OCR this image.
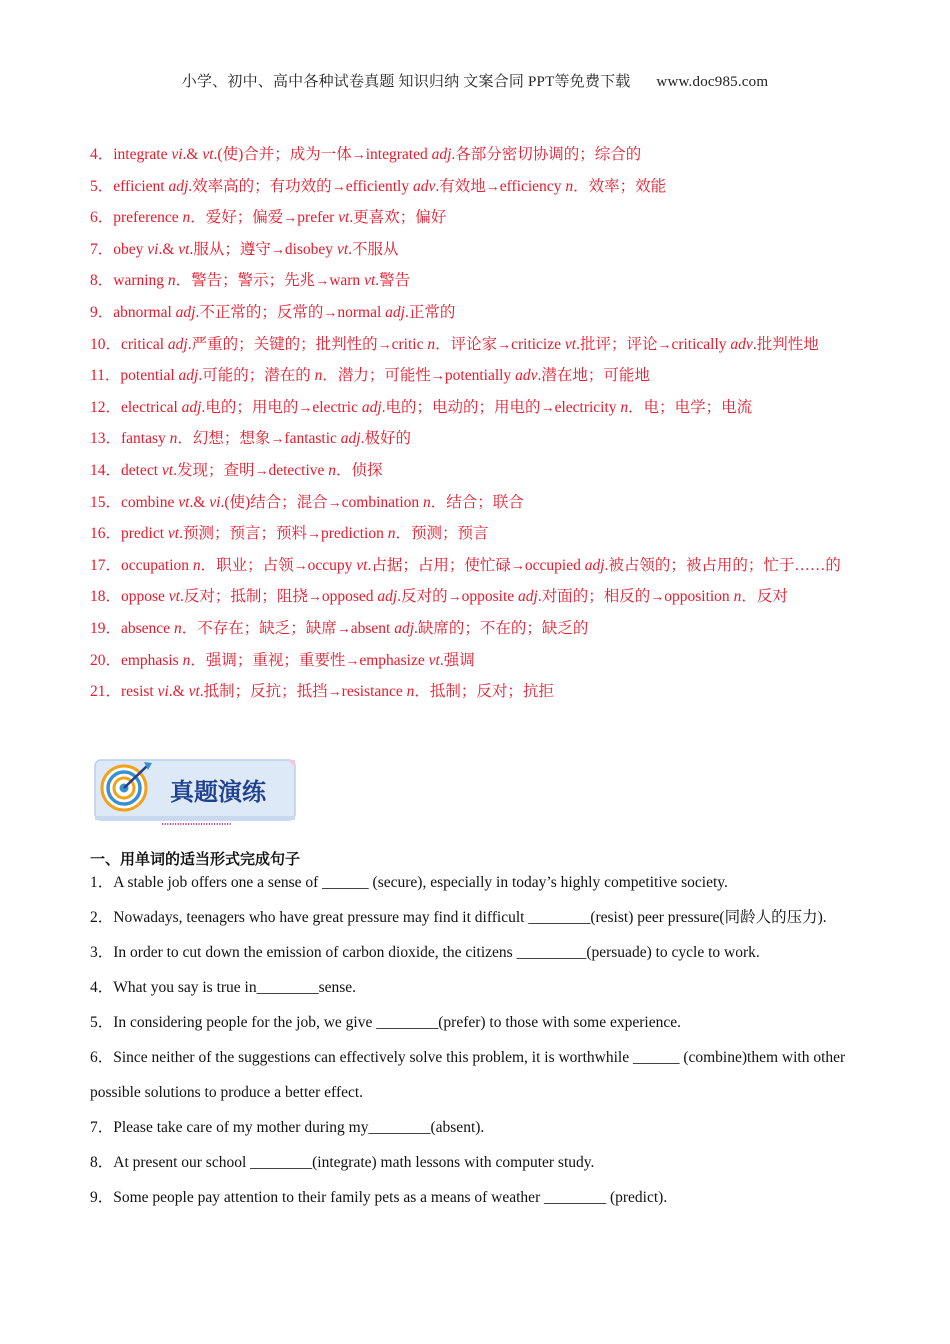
小学、初中、高中各种试卷真题 知识归纳 文案合同 PPT等免费下载 www.doc985.com
4．integrate vi.& vt.(使)合并；成为一体→integrated adj.各部分密切协调的；综合的
5．efficient adj.效率高的；有功效的→efficiently adv.有效地→efficiency n．效率；效能
6．preference n．爱好；偏爱→prefer vt.更喜欢；偏好
7．obey vi.& vt.服从；遵守→disobey vt.不服从
8．warning n．警告；警示；先兆→warn vt.警告
9．abnormal adj.不正常的；反常的→normal adj.正常的
10．critical adj.严重的；关键的；批判性的→critic n．评论家→criticize vt.批评；评论→critically adv.批判性地
11．potential adj.可能的；潜在的 n．潜力；可能性→potentially adv.潜在地；可能地
12．electrical adj.电的；用电的→electric adj.电的；电动的；用电的→electricity n．电；电学；电流
13．fantasy n．幻想；想象→fantastic adj.极好的
14．detect vt.发现；查明→detective n．侦探
15．combine vt.& vi.(使)结合；混合→combination n．结合；联合
16．predict vt.预测；预言；预料→prediction n．预测；预言
17．occupation n．职业；占领→occupy vt.占据；占用；使忙碌→occupied adj.被占领的；被占用的；忙于……的
18．oppose vt.反对；抵制；阻挠→opposed adj.反对的→opposite adj.对面的；相反的→opposition n．反对
19．absence n．不存在；缺乏；缺席→absent adj.缺席的；不在的；缺乏的
20．emphasis n．强调；重视；重要性→emphasize vt.强调
21．resist vi.& vt.抵制；反抗；抵挡→resistance n．抵制；反对；抗拒
真题演练
一、用单词的适当形式完成句子
1．A stable job offers one a sense of ______ (secure), especially in today’s highly competitive society.
2．Nowadays, teenagers who have great pressure may find it difficult ________(resist) peer pressure(同龄人的压力).
3．In order to cut down the emission of carbon dioxide, the citizens _________(persuade) to cycle to work.
4．What you say is true in________sense.
5．In considering people for the job, we give ________(prefer) to those with some experience.
6．Since neither of the suggestions can effectively solve this problem, it is worthwhile ______ (combine)them with other possible solutions to produce a better effect.
7．Please take care of my mother during my________(absent).
8．At present our school ________(integrate) math lessons with computer study.
9．Some people pay attention to their family pets as a means of weather ________ (predict).
